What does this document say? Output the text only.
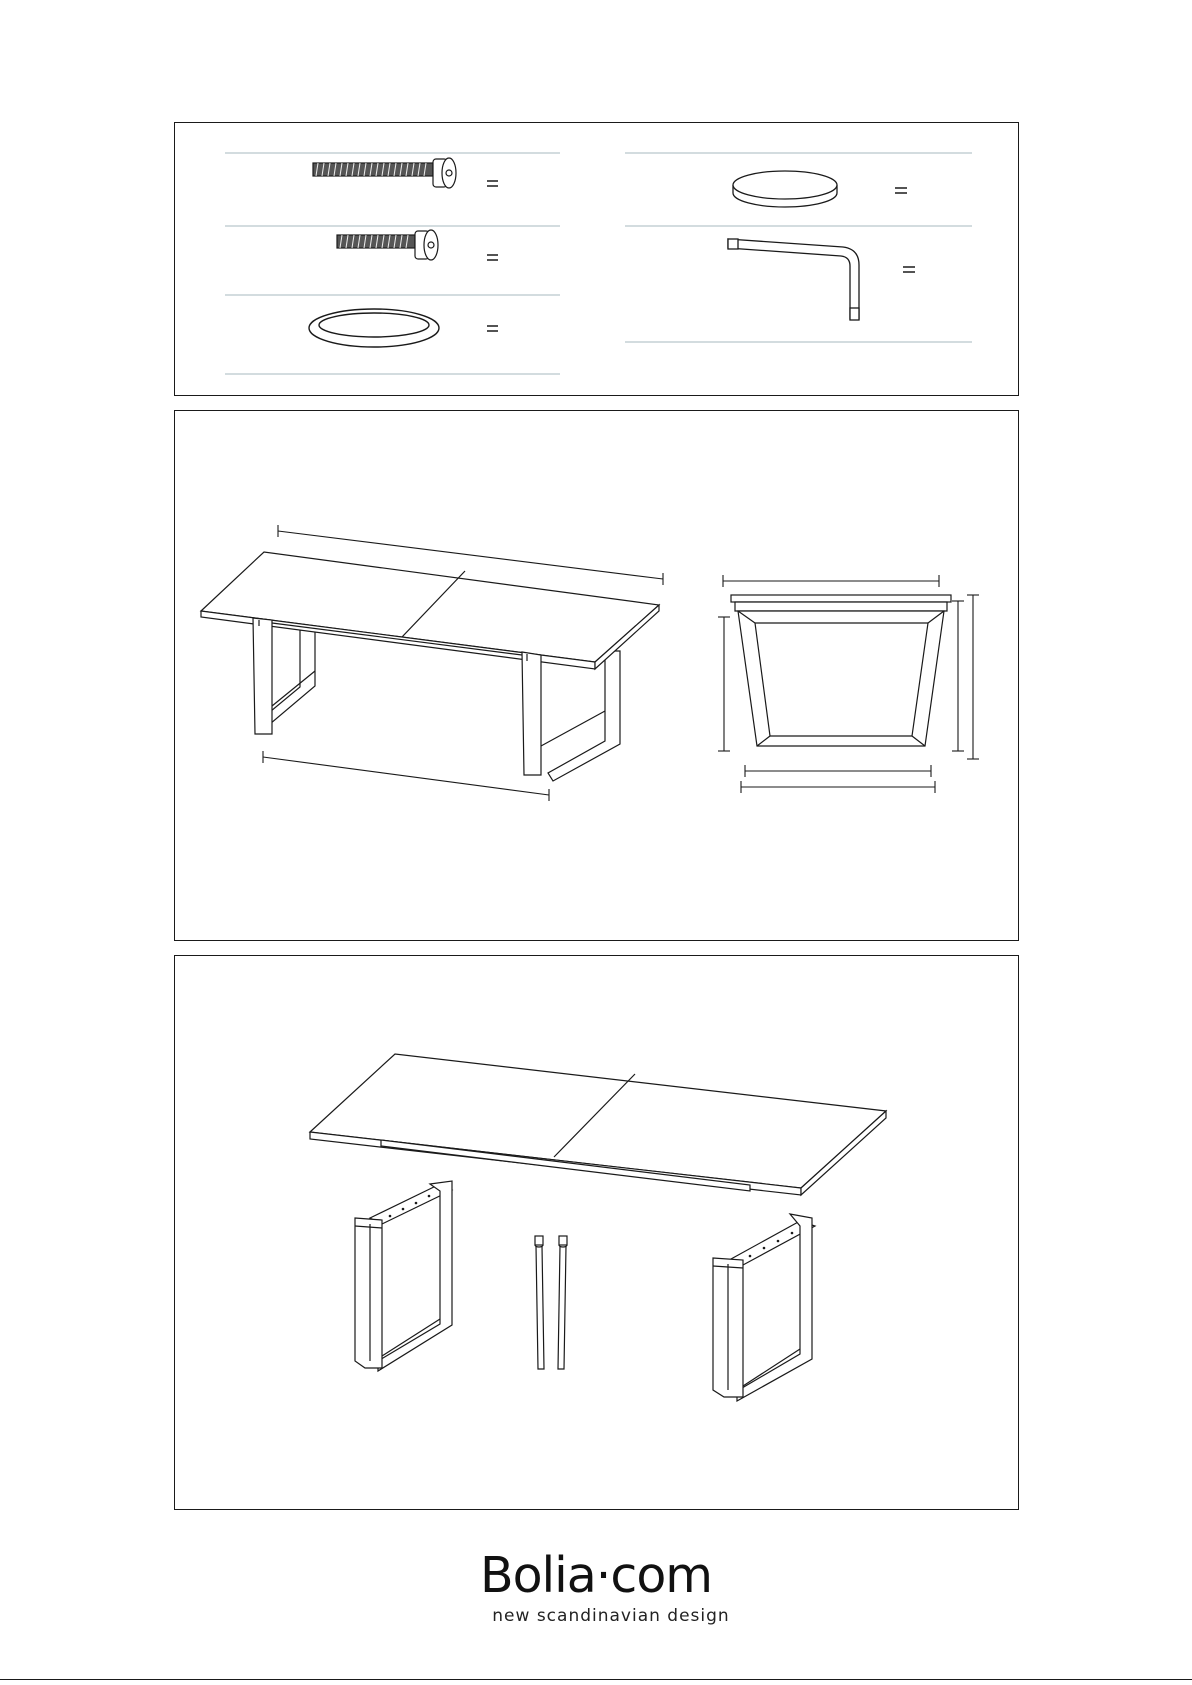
Bolia·com
new scandinavian design
